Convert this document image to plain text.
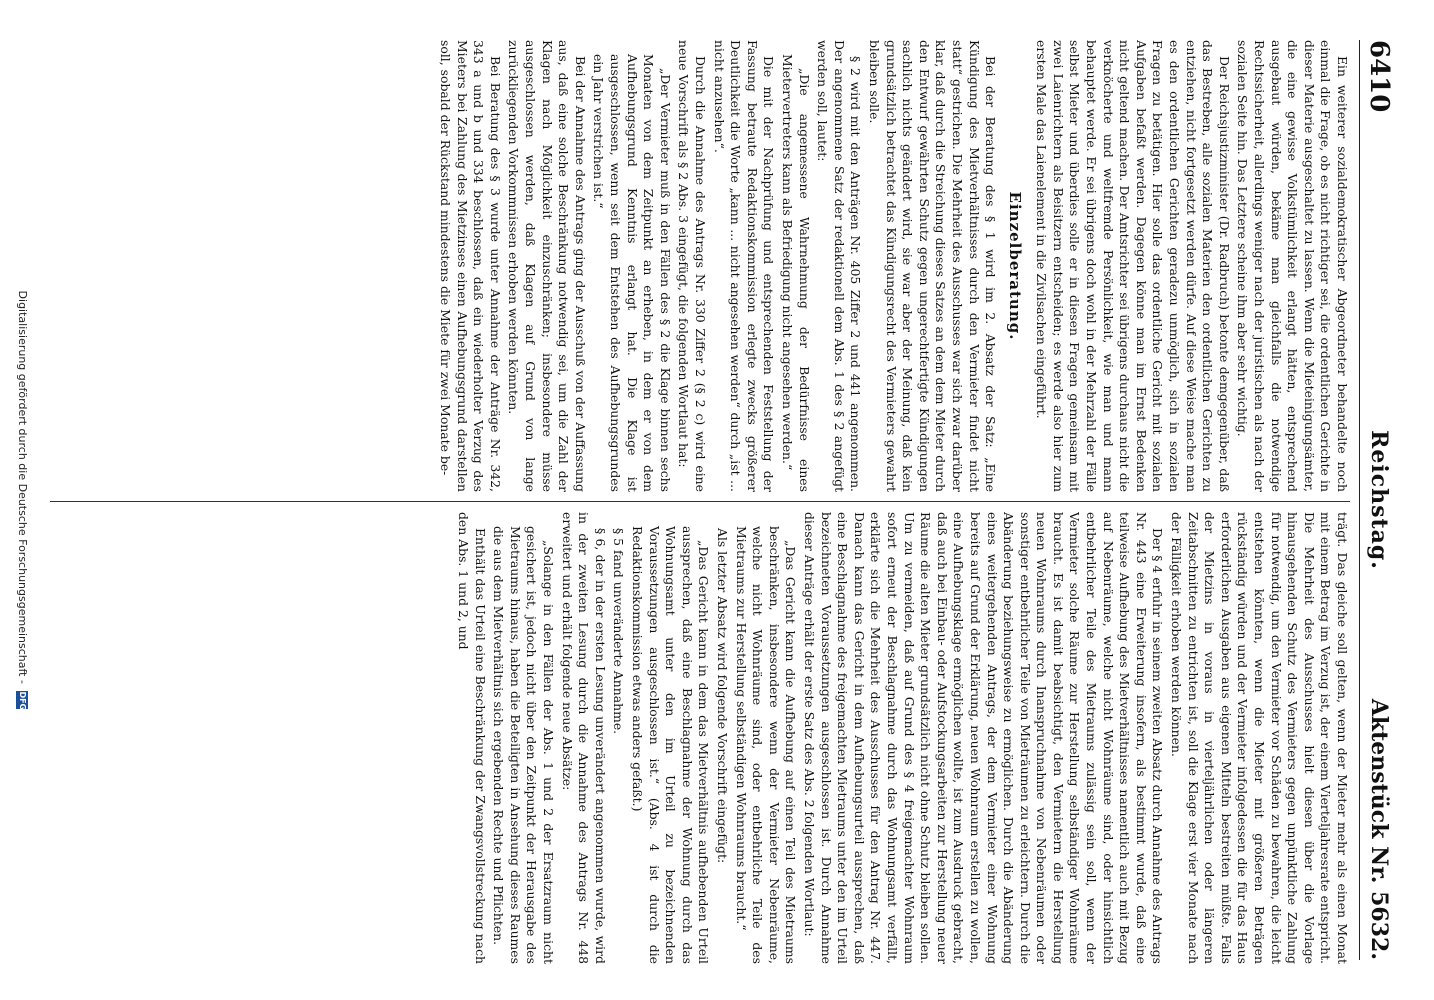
6410
Reichstag.
Aktenstück Nr. 5632.

Ein weiterer sozialdemokratischer Abgeordneter behandelte noch einmal die Frage, ob es nicht richtiger sei, die ordentlichen Gerichte in dieser Materie ausgeschaltet zu lassen. Wenn die Mieteinigungsämter, die eine gewisse Volkstümlichkeit erlangt hätten, entsprechend ausgebaut würden, bekäme man gleichfalls die notwendige Rechtssicherheit, allerdings weniger nach der juristischen als nach der sozialen Seite hin. Das Letztere scheine ihm aber sehr wichtig.

Der Reichsjustizminister (Dr. Radbruch) betonte demgegenüber, daß das Bestreben, alle sozialen Materien den ordentlichen Gerichten zu entziehen, nicht fortgesetzt werden dürfe. Auf diese Weise mache man es den ordentlichen Gerichten geradezu unmöglich, sich in sozialen Fragen zu betätigen. Hier solle das ordentliche Gericht mit sozialen Aufgaben befaßt werden. Dagegen könne man im Ernst Bedenken nicht geltend machen. Der Amtsrichter sei übrigens durchaus nicht die verknöcherte und weltfremde Persönlichkeit, wie man und mann behauptet werde. Er sei übrigens doch wohl in der Mehrzahl der Fälle selbst Mieter und überdies solle er in diesen Fragen gemeinsam mit zwei Laienrichtern als Beisitzern entscheiden; es werde also hier zum ersten Male das Laienelement in die Zivilsachen eingeführt.

Einzelberatung.

Bei der Beratung des § 1 wird im 2. Absatz der Satz: „Eine Kündigung des Mietverhältnisses durch den Vermieter findet nicht statt“ gestrichen. Die Mehrheit des Ausschusses war sich zwar darüber klar, daß durch die Streichung dieses Satzes an dem dem Mieter durch den Entwurf gewährten Schutz gegen ungerechtfertigte Kündigungen sachlich nichts geändert wird, sie war aber der Meinung, daß kein grundsätzlich betrachtet das Kündigungsrecht des Vermieters gewahrt bleiben solle.

§ 2 wird mit den Anträgen Nr. 405 Ziffer 2 und 441 angenommen. Der angenommene Satz der redaktionell dem Abs. 1 des § 2 angefügt werden soll, lautet:

„Die angemessene Wahrnehmung der Bedürfnisse eines Mietervertreters kann als Befriedigung nicht angesehen werden.“

Die mit der Nachprüfung und entsprechenden Feststellung der Fassung betraute Redaktionskommission erlegte zwecks größerer Deutlichkeit die Worte „kann ... nicht angesehen werden“ durch „ist ... nicht anzusehen“.

Durch die Annahme des Antrags Nr. 330 Ziffer 2 (§ 2 c) wird eine neue Vorschrift als § 2 Abs. 3 eingefügt, die folgenden Wortlaut hat:

„Der Vermieter muß in den Fällen des § 2 die Klage binnen sechs Monaten von dem Zeitpunkt an erheben, in dem er von dem Aufhebungsgrund Kenntnis erlangt hat. Die Klage ist ausgeschlossen, wenn seit dem Entstehen des Aufhebungsgrundes ein Jahr verstrichen ist.“

Bei der Annahme des Antrags ging der Ausschuß von der Auffassung aus, daß eine solche Beschränkung notwendig sei, um die Zahl der Klagen nach Möglichkeit einzuschränken; insbesondere müsse ausgeschlossen werden, daß Klagen auf Grund von lange zurückliegenden Vorkommnissen erhoben werden könnten.

Bei Beratung des § 3 wurde unter Annahme der Anträge Nr. 342, 343 a und b und 334 beschlossen, daß ein wiederholter Verzug des Mieters bei Zahlung des Mietzinses einen Aufhebungsgrund darstellen soll, sobald der Rückstand mindestens die Miete für zwei Monate be-

trägt. Das gleiche soll gelten, wenn der Mieter mehr als einen Monat mit einem Betrag im Verzug ist, der einem Vierteljahresrate entspricht. Die Mehrheit des Ausschusses hielt diesen über die Vorlage hinausgehenden Schutz des Vermieters gegen unpünktliche Zahlung für notwendig, um den Vermieter vor Schäden zu bewahren, die leicht entstehen könnten, wenn die Mieter mit größeren Beträgen rückständig würden und der Vermieter infolgedessen die für das Haus erforderlichen Ausgaben aus eigenen Mitteln bestreiten müßte. Falls der Mietzins in voraus in vierteljährlichen oder längeren Zeitabschnitten zu entrichten ist, soll die Klage erst vier Monate nach der Fälligkeit erhoben werden können.

Der § 4 erfuhr in seinem zweiten Absatz durch Annahme des Antrags Nr. 443 eine Erweiterung insofern, als bestimmt wurde, daß eine teilweise Aufhebung des Mietverhältnisses namentlich auch mit Bezug auf Nebenräume, welche nicht Wohnräume sind, oder hinsichtlich entbehrlicher Teile des Mietraums zulässig sein soll, wenn der Vermieter solche Räume zur Herstellung selbständiger Wohnräume braucht. Es ist damit beabsichtigt, den Vermietern die Herstellung neuen Wohnraums durch Inanspruchnahme von Nebenräumen oder sonstiger entbehrlicher Teile von Mieträumen zu erleichtern. Durch die Abänderung beziehungsweise zu ermöglichen. Durch die Abänderung eines weitergehenden Antrags, der dem Vermieter einer Wohnung bereits auf Grund der Erklärung, neuen Wohnraum erstellen zu wollen, eine Aufhebungsklage ermöglichen wollte, ist zum Ausdruck gebracht, daß auch bei Einbau- oder Aufstockungsarbeiten zur Herstellung neuer Räume die alten Mieter grundsätzlich nicht ohne Schutz bleiben sollen. Um zu vermeiden, daß auf Grund des § 4 freigemachter Wohnraum sofort erneut der Beschlagnahme durch das Wohnungsamt verfällt, erklärte sich die Mehrheit des Ausschusses für den Antrag Nr. 447. Danach kann das Gericht in dem Aufhebungsurteil aussprechen, daß eine Beschlagnahme des freigemachten Mietraums unter den im Urteil bezeichneten Voraussetzungen ausgeschlossen ist. Durch Annahme dieser Anträge erhält der erste Satz des Abs. 2 folgenden Wortlaut:

„Das Gericht kann die Aufhebung auf einen Teil des Mietraums beschränken, insbesondere wenn der Vermieter Nebenräume, welche nicht Wohnräume sind, oder entbehrliche Teile des Mietraums zur Herstellung selbständigen Wohnraums braucht.“

Als letzter Absatz wird folgende Vorschrift eingefügt:

„Das Gericht kann in dem das Mietverhältnis aufhebenden Urteil aussprechen, daß eine Beschlagnahme der Wohnung durch das Wohnungsamt unter den im Urteil zu bezeichnenden Voraussetzungen ausgeschlossen ist.“ (Abs. 4 ist durch die Redaktionskommission etwas anders gefaßt.)

§ 5 fand unveränderte Annahme.

§ 6, der in der ersten Lesung unverändert angenommen wurde, wird in der zweiten Lesung durch die Annahme des Antrags Nr. 448 erweitert und erhält folgende neue Absätze:

„Solange in den Fällen der Abs. 1 und 2 der Ersatzraum nicht gesichert ist, jedoch nicht über den Zeitpunkt der Herausgabe des Mietraums hinaus, haben die Beteiligten in Ansehung dieses Raumes die aus dem Mietverhältnis sich ergebenden Rechte und Pflichten.

Enthält das Urteil eine Beschränkung der Zwangsvollstreckung nach den Abs. 1 und 2, und

Digitalisierung gefördert durch die Deutsche Forschungsgemeinschaft - DFG
